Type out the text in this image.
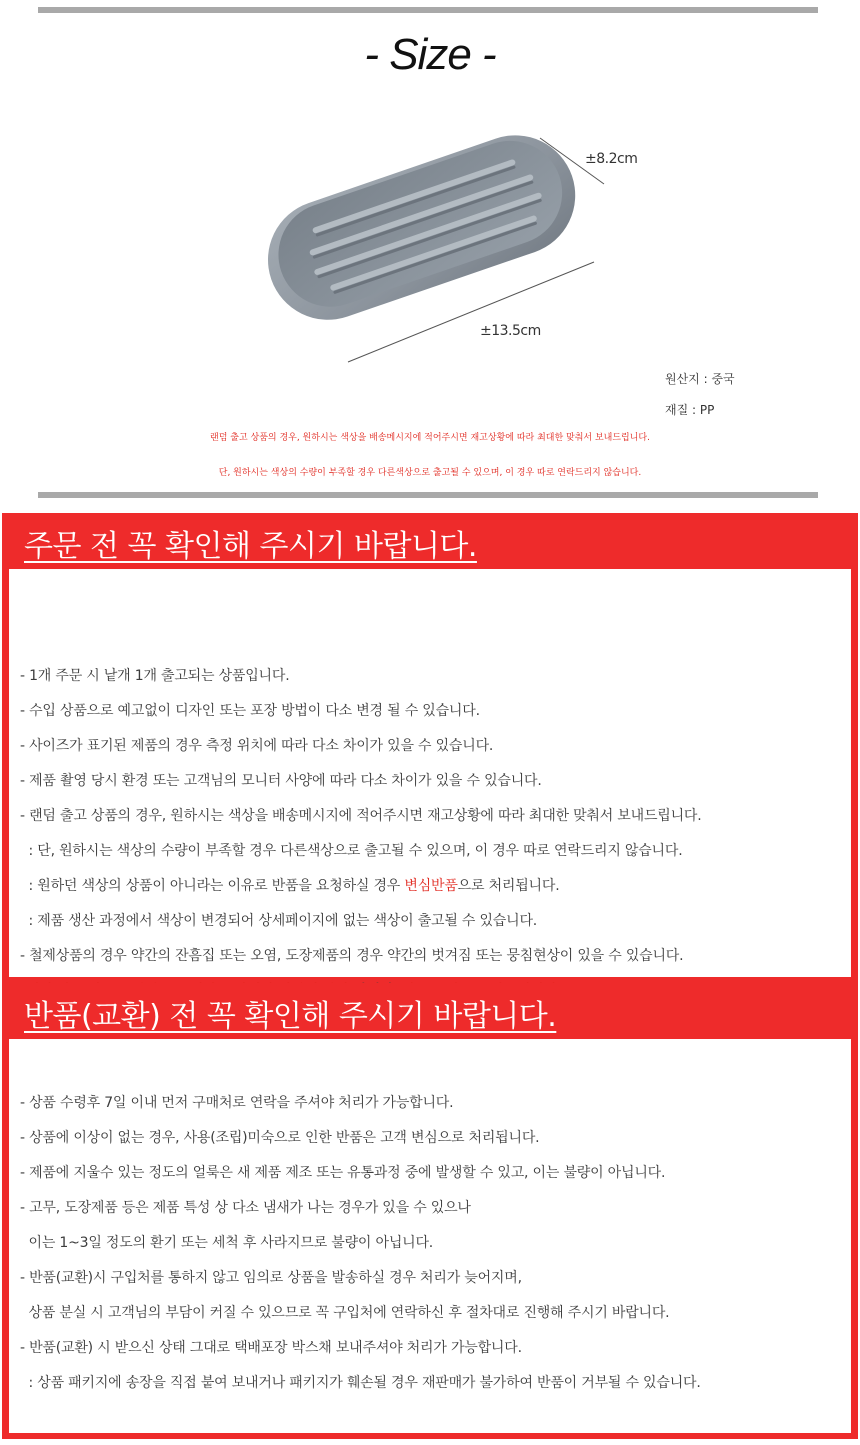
- Size -
±8.2cm
±13.5cm
원산지 : 중국
재질 : PP
랜덤 출고 상품의 경우, 원하시는 색상을 배송메시지에 적어주시면 재고상황에 따라 최대한 맞춰서 보내드립니다.
단, 원하시는 색상의 수량이 부족할 경우 다른색상으로 출고될 수 있으며, 이 경우 따로 연락드리지 않습니다.
주문 전 꼭 확인해 주시기 바랍니다.
- 1개 주문 시 낱개 1개 출고되는 상품입니다.
- 수입 상품으로 예고없이 디자인 또는 포장 방법이 다소 변경 될 수 있습니다.
- 사이즈가 표기된 제품의 경우 측정 위치에 따라 다소 차이가 있을 수 있습니다.
- 제품 촬영 당시 환경 또는 고객님의 모니터 사양에 따라 다소 차이가 있을 수 있습니다.
- 랜덤 출고 상품의 경우, 원하시는 색상을 배송메시지에 적어주시면 재고상황에 따라 최대한 맞춰서 보내드립니다.
: 단, 원하시는 색상의 수량이 부족할 경우 다른색상으로 출고될 수 있으며, 이 경우 따로 연락드리지 않습니다.
: 원하던 색상의 상품이 아니라는 이유로 반품을 요청하실 경우 변심반품으로 처리됩니다.
: 제품 생산 과정에서 색상이 변경되어 상세페이지에 없는 색상이 출고될 수 있습니다.
- 철제상품의 경우 약간의 잔흠집 또는 오염, 도장제품의 경우 약간의 벗겨짐 또는 뭉침현상이 있을 수 있습니다.
반품(교환) 전 꼭 확인해 주시기 바랍니다.
- 상품 수령후 7일 이내 먼저 구매처로 연락을 주셔야 처리가 가능합니다.
- 상품에 이상이 없는 경우, 사용(조립)미숙으로 인한 반품은 고객 변심으로 처리됩니다.
- 제품에 지울수 있는 정도의 얼룩은 새 제품 제조 또는 유통과정 중에 발생할 수 있고, 이는 불량이 아닙니다.
- 고무, 도장제품 등은 제품 특성 상 다소 냄새가 나는 경우가 있을 수 있으나
이는 1~3일 정도의 환기 또는 세척 후 사라지므로 불량이 아닙니다.
- 반품(교환)시 구입처를 통하지 않고 임의로 상품을 발송하실 경우 처리가 늦어지며,
상품 분실 시 고객님의 부담이 커질 수 있으므로 꼭 구입처에 연락하신 후 절차대로 진행해 주시기 바랍니다.
- 반품(교환) 시 받으신 상태 그대로 택배포장 박스채 보내주셔야 처리가 가능합니다.
: 상품 패키지에 송장을 직접 붙여 보내거나 패키지가 훼손될 경우 재판매가 불가하여 반품이 거부될 수 있습니다.
